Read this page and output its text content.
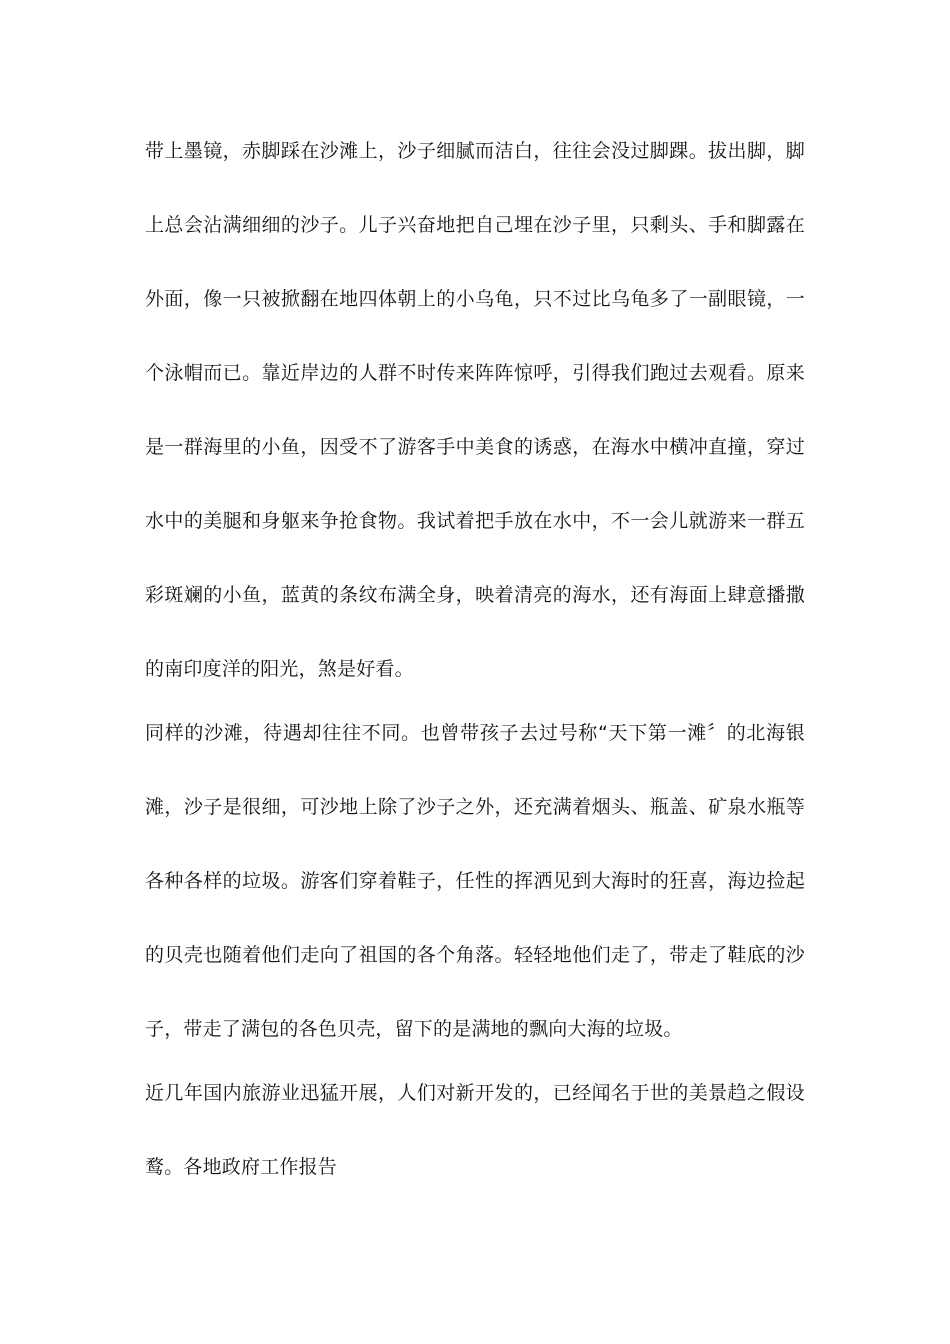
带上墨镜，赤脚踩在沙滩上，沙子细腻而洁白，往往会没过脚踝。拔出脚，脚
上总会沾满细细的沙子。儿子兴奋地把自己埋在沙子里，只剩头、手和脚露在
外面，像一只被掀翻在地四体朝上的小乌龟，只不过比乌龟多了一副眼镜，一
个泳帽而已。靠近岸边的人群不时传来阵阵惊呼，引得我们跑过去观看。原来
是一群海里的小鱼，因受不了游客手中美食的诱惑，在海水中横冲直撞，穿过
水中的美腿和身躯来争抢食物。我试着把手放在水中，不一会儿就游来一群五
彩斑斓的小鱼，蓝黄的条纹布满全身，映着清亮的海水，还有海面上肆意播撒
的南印度洋的阳光，煞是好看。
同样的沙滩，待遇却往往不同。也曾带孩子去过号称“天下第一滩〞的北海银
滩，沙子是很细，可沙地上除了沙子之外，还充满着烟头、瓶盖、矿泉水瓶等
各种各样的垃圾。游客们穿着鞋子，任性的挥洒见到大海时的狂喜，海边捡起
的贝壳也随着他们走向了祖国的各个角落。轻轻地他们走了，带走了鞋底的沙
子，带走了满包的各色贝壳，留下的是满地的飘向大海的垃圾。
近几年国内旅游业迅猛开展，人们对新开发的，已经闻名于世的美景趋之假设
鹜。各地政府工作报告
